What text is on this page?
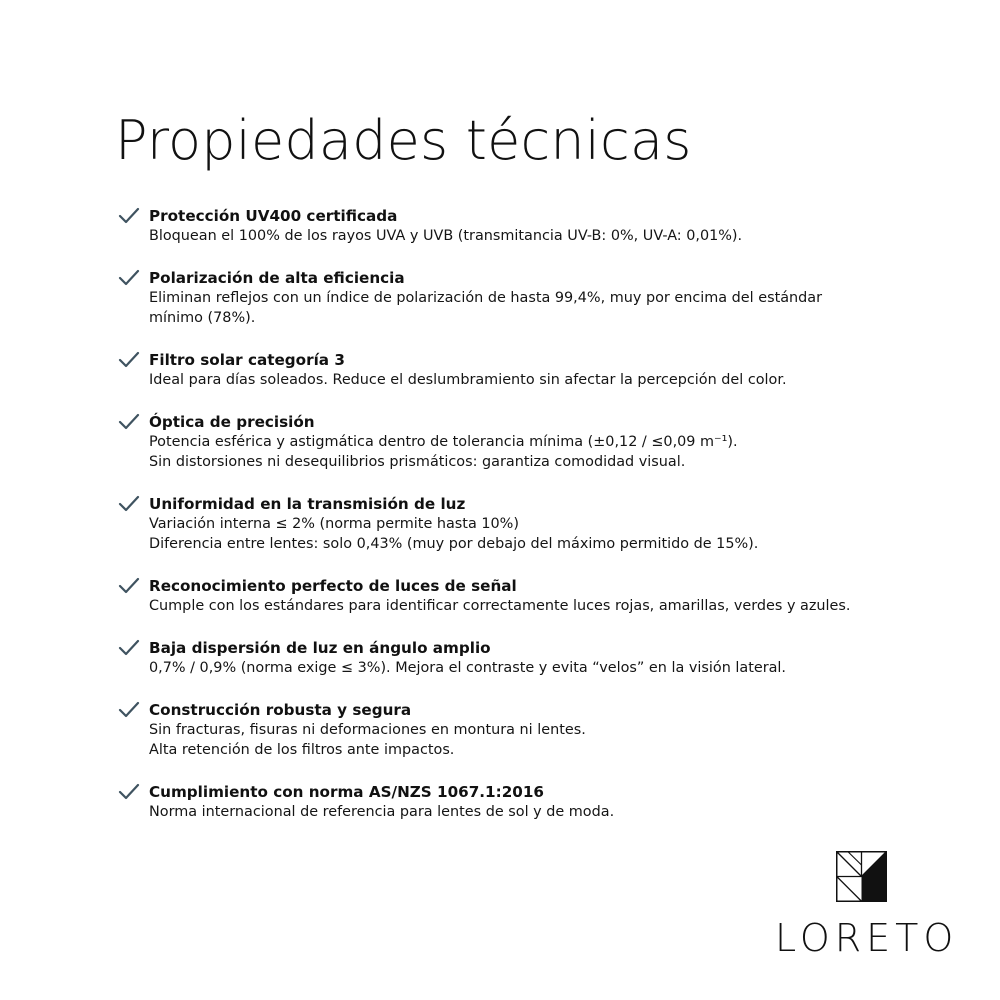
Propiedades técnicas

Protección UV400 certificada

Bloquean el 100% de los rayos UVA y UVB (transmitancia UV-B: 0%, UV-A: 0,01%).

Polarización de alta eficiencia

Eliminan reflejos con un índice de polarización de hasta 99,4%, muy por encima del estándar

mínimo (78%).

Filtro solar categoría 3

Ideal para días soleados. Reduce el deslumbramiento sin afectar la percepción del color.

Óptica de precisión

Potencia esférica y astigmática dentro de tolerancia mínima (±0,12 / ≤0,09 m⁻¹).

Sin distorsiones ni desequilibrios prismáticos: garantiza comodidad visual.

Uniformidad en la transmisión de luz

Variación interna ≤ 2% (norma permite hasta 10%)

Diferencia entre lentes: solo 0,43% (muy por debajo del máximo permitido de 15%).

Reconocimiento perfecto de luces de señal

Cumple con los estándares para identificar correctamente luces rojas, amarillas, verdes y azules.

Baja dispersión de luz en ángulo amplio

0,7% / 0,9% (norma exige ≤ 3%). Mejora el contraste y evita “velos” en la visión lateral.

Construcción robusta y segura

Sin fracturas, fisuras ni deformaciones en montura ni lentes.

Alta retención de los filtros ante impactos.

Cumplimiento con norma AS/NZS 1067.1:2016

Norma internacional de referencia para lentes de sol y de moda.

LORETO
